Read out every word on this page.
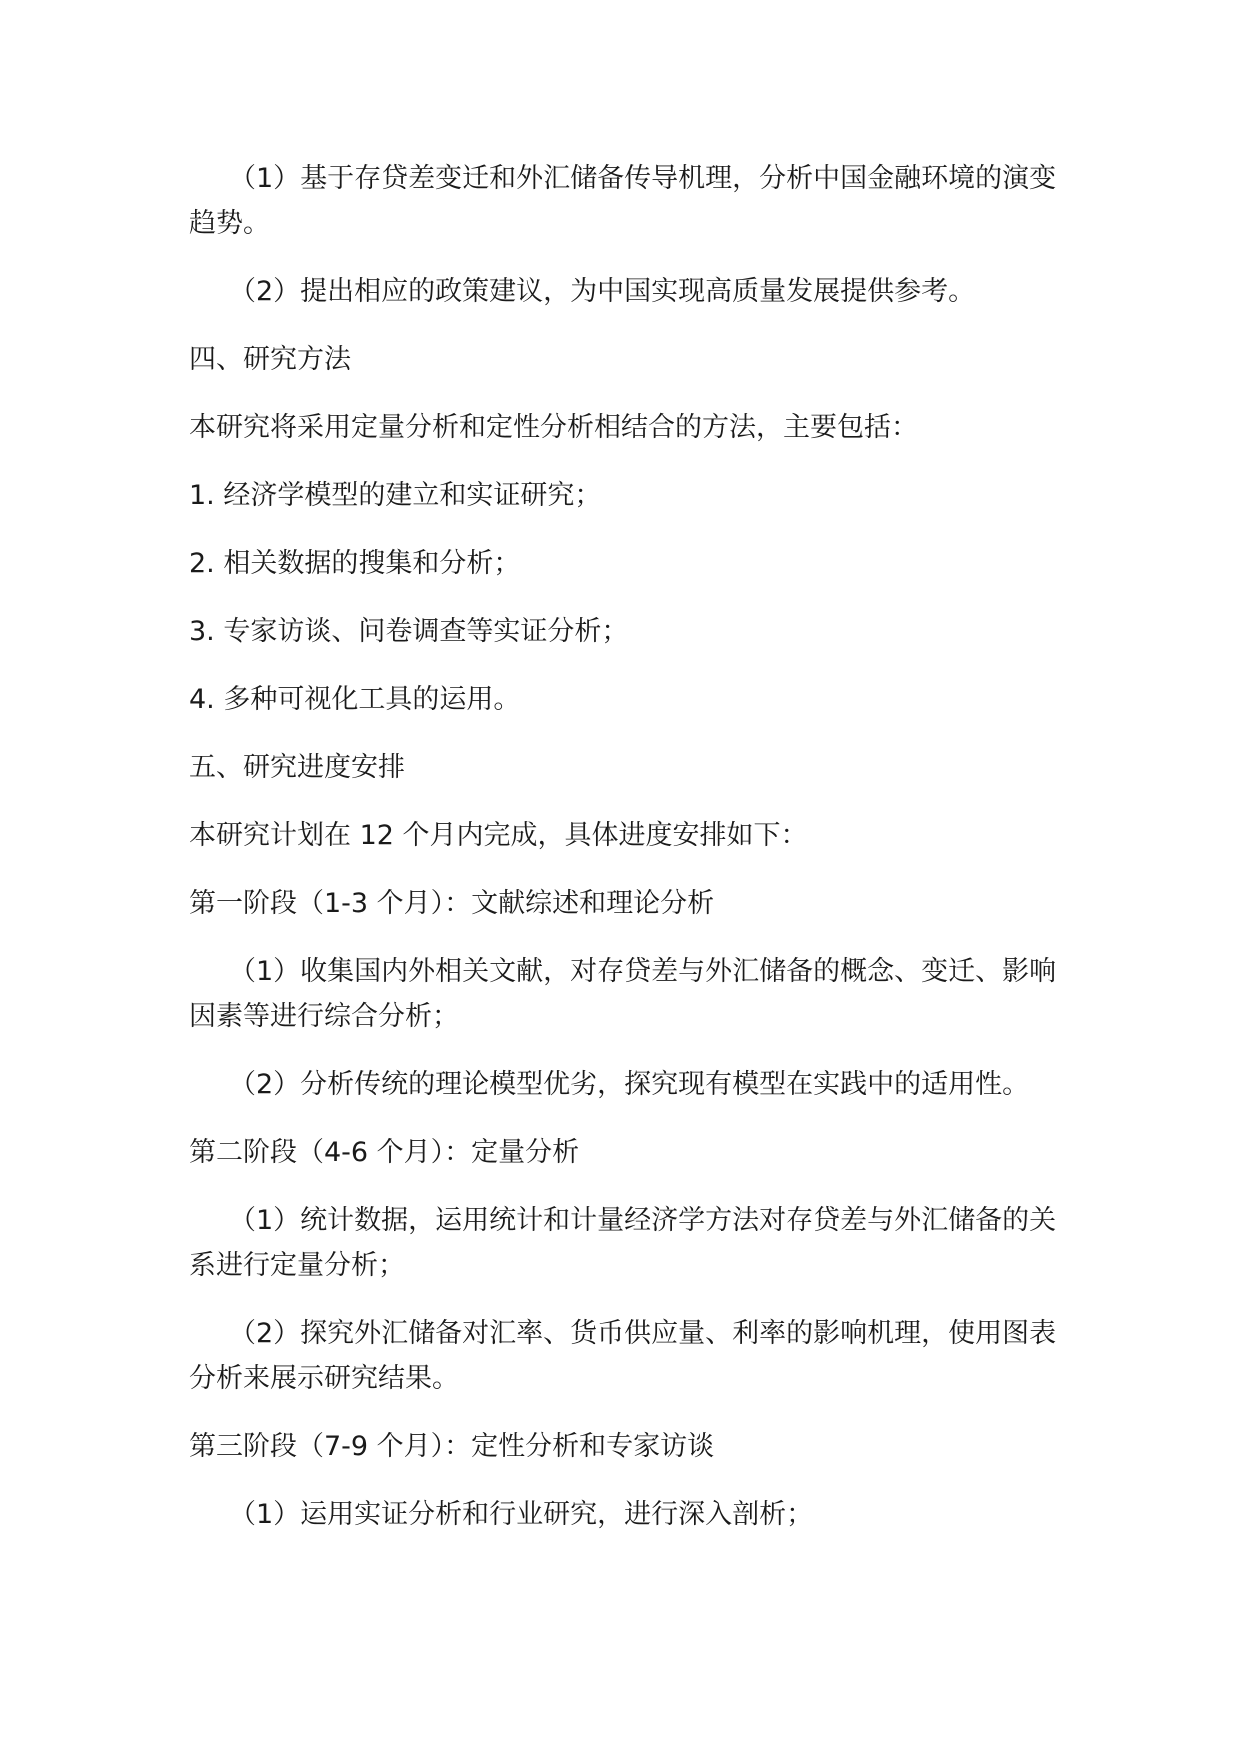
（1）基于存贷差变迁和外汇储备传导机理，分析中国金融环境的演变
趋势。

（2）提出相应的政策建议，为中国实现高质量发展提供参考。

四、研究方法

本研究将采用定量分析和定性分析相结合的方法，主要包括：

1. 经济学模型的建立和实证研究；

2. 相关数据的搜集和分析；

3. 专家访谈、问卷调查等实证分析；

4. 多种可视化工具的运用。

五、研究进度安排

本研究计划在 12 个月内完成，具体进度安排如下：

第一阶段（1-3 个月）：文献综述和理论分析

（1）收集国内外相关文献，对存贷差与外汇储备的概念、变迁、影响
因素等进行综合分析；

（2）分析传统的理论模型优劣，探究现有模型在实践中的适用性。

第二阶段（4-6 个月）：定量分析

（1）统计数据，运用统计和计量经济学方法对存贷差与外汇储备的关
系进行定量分析；

（2）探究外汇储备对汇率、货币供应量、利率的影响机理，使用图表
分析来展示研究结果。

第三阶段（7-9 个月）：定性分析和专家访谈

（1）运用实证分析和行业研究，进行深入剖析；
